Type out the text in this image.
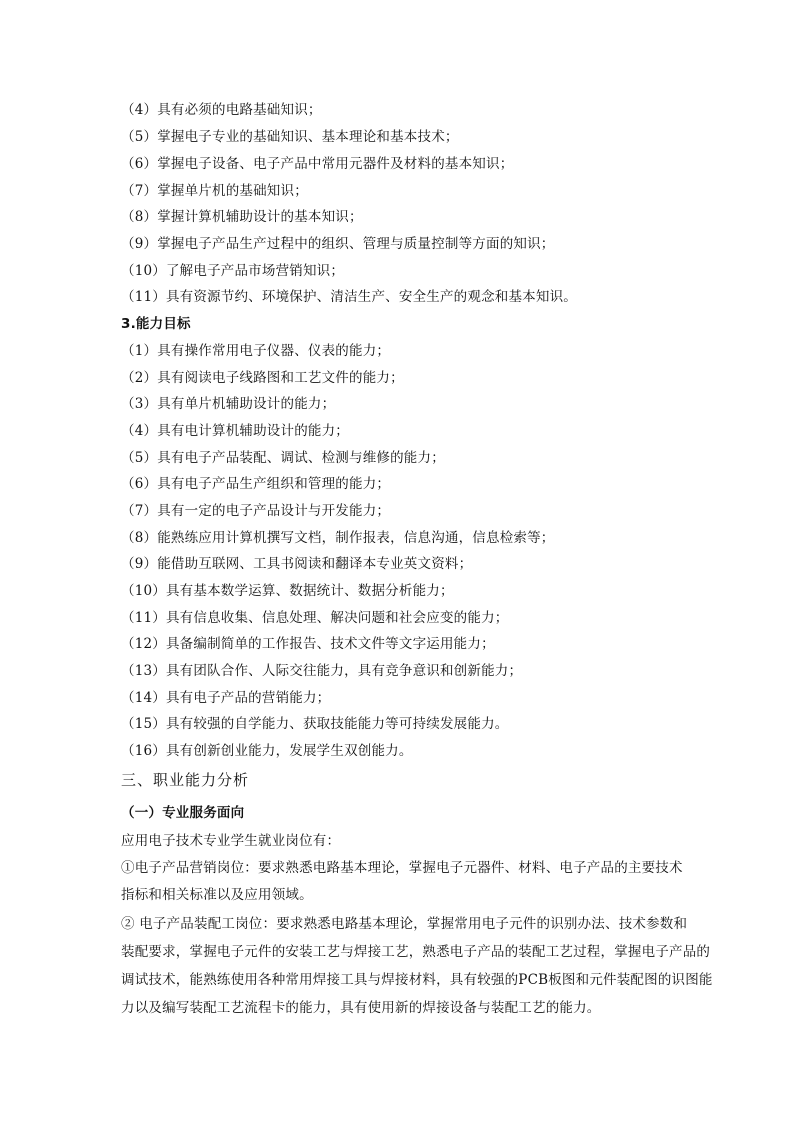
（4）具有必须的电路基础知识；
（5）掌握电子专业的基础知识、基本理论和基本技术；
（6）掌握电子设备、电子产品中常用元器件及材料的基本知识；
（7）掌握单片机的基础知识；
（8）掌握计算机辅助设计的基本知识；
（9）掌握电子产品生产过程中的组织、管理与质量控制等方面的知识；
（10）了解电子产品市场营销知识；
（11）具有资源节约、环境保护、清洁生产、安全生产的观念和基本知识。
3.能力目标
（1）具有操作常用电子仪器、仪表的能力；
（2）具有阅读电子线路图和工艺文件的能力；
（3）具有单片机辅助设计的能力；
（4）具有电计算机辅助设计的能力；
（5）具有电子产品装配、调试、检测与维修的能力；
（6）具有电子产品生产组织和管理的能力；
（7）具有一定的电子产品设计与开发能力；
（8）能熟练应用计算机撰写文档，制作报表，信息沟通，信息检索等；
（9）能借助互联网、工具书阅读和翻译本专业英文资料；
（10）具有基本数学运算、数据统计、数据分析能力；
（11）具有信息收集、信息处理、解决问题和社会应变的能力；
（12）具备编制简单的工作报告、技术文件等文字运用能力；
（13）具有团队合作、人际交往能力，具有竞争意识和创新能力；
（14）具有电子产品的营销能力；
（15）具有较强的自学能力、获取技能能力等可持续发展能力。
（16）具有创新创业能力，发展学生双创能力。
三、职业能力分析
（一）专业服务面向
应用电子技术专业学生就业岗位有：
①电子产品营销岗位：要求熟悉电路基本理论，掌握电子元器件、材料、电子产品的主要技术
指标和相关标准以及应用领域。
② 电子产品装配工岗位：要求熟悉电路基本理论，掌握常用电子元件的识别办法、技术参数和
装配要求，掌握电子元件的安装工艺与焊接工艺，熟悉电子产品的装配工艺过程，掌握电子产品的
调试技术，能熟练使用各种常用焊接工具与焊接材料，具有较强的PCB板图和元件装配图的识图能
力以及编写装配工艺流程卡的能力，具有使用新的焊接设备与装配工艺的能力。
